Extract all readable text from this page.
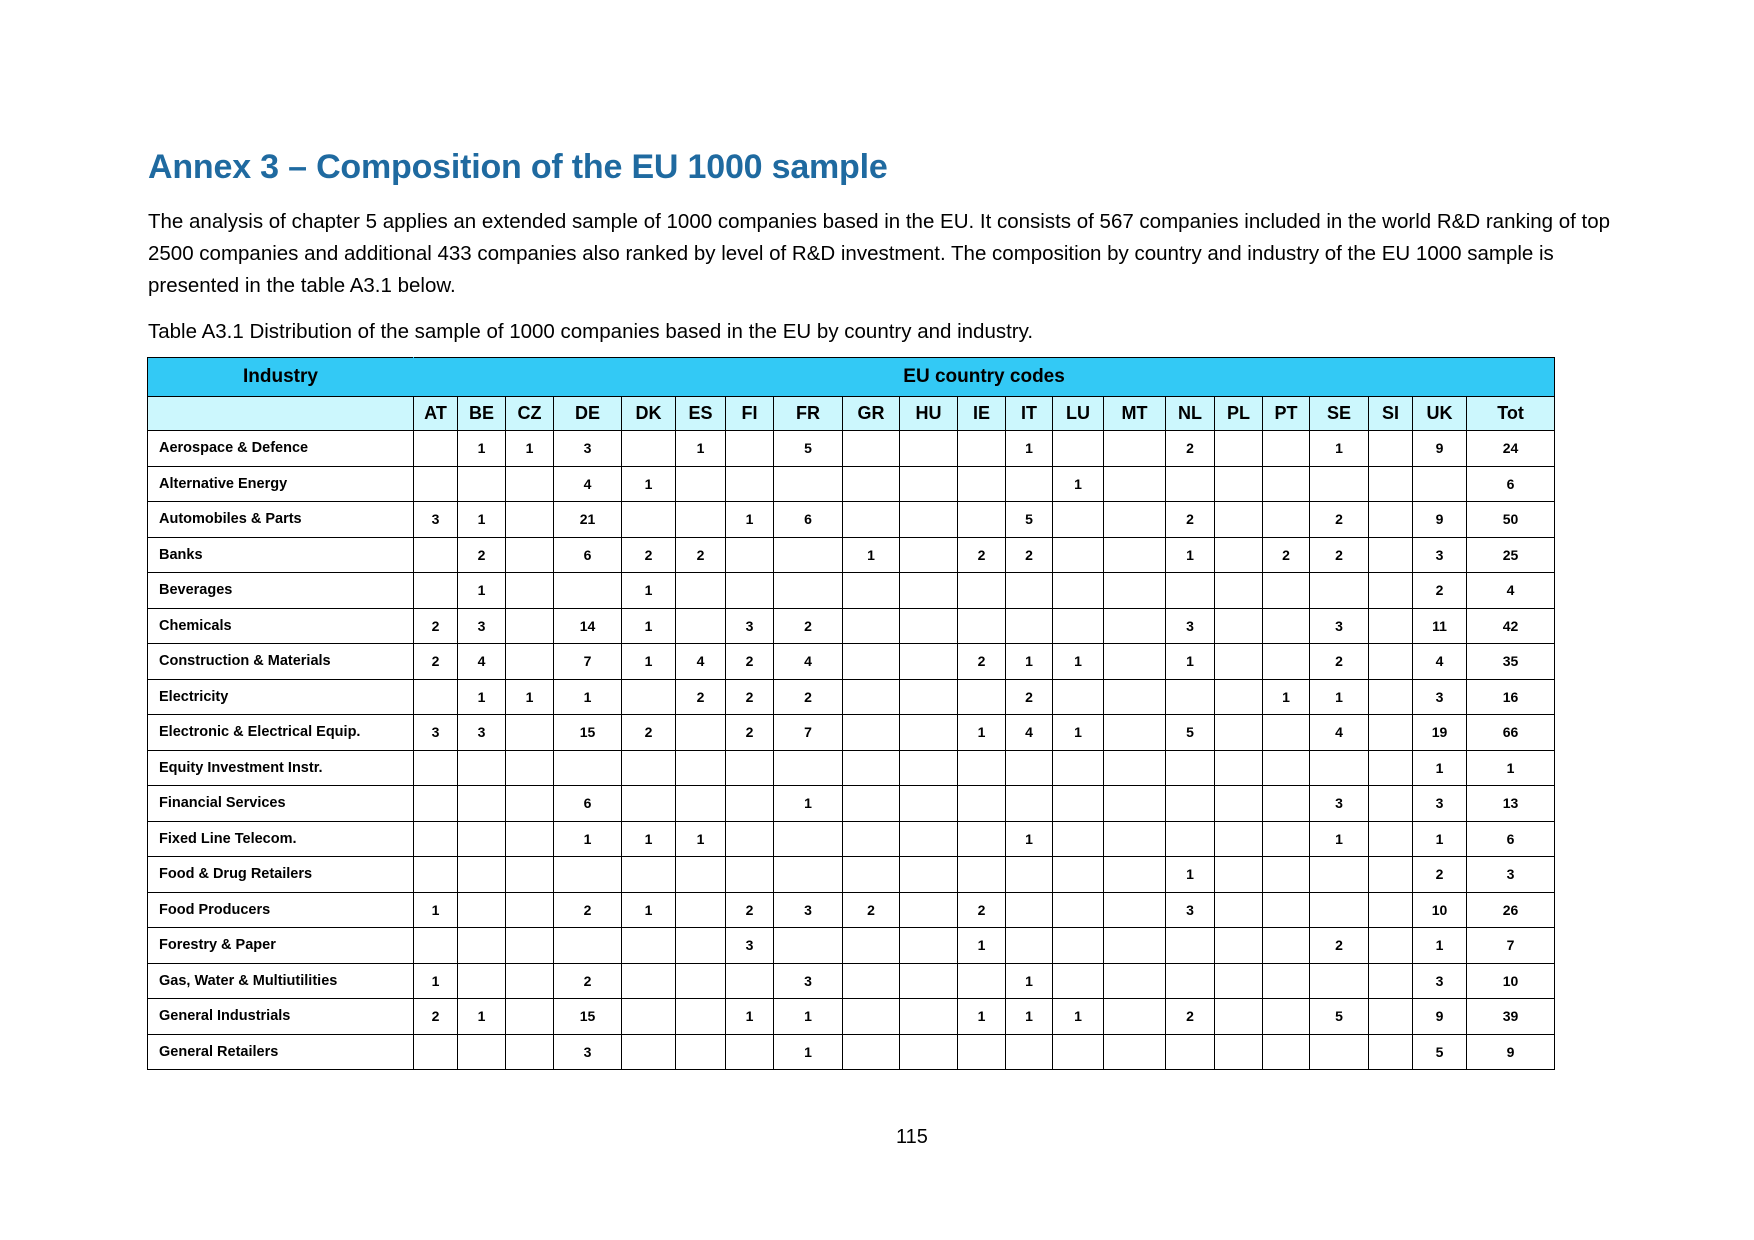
Annex 3 – Composition of the EU 1000 sample

The analysis of chapter 5 applies an extended sample of 1000 companies based in the EU. It consists of 567 companies included in the world R&D ranking of top 2500 companies and additional 433 companies also ranked by level of R&D investment. The composition by country and industry of the EU 1000 sample is presented in the table A3.1 below.

Table A3.1 Distribution of the sample of 1000 companies based in the EU by country and industry.

Industry	EU country codes																				
	AT	BE	CZ	DE	DK	ES	FI	FR	GR	HU	IE	IT	LU	MT	NL	PL	PT	SE	SI	UK	Tot
Aerospace & Defence		1	1	3		1		5				1			2			1		9	24
Alternative Energy				4	1								1								6
Automobiles & Parts	3	1		21			1	6				5			2			2		9	50
Banks		2		6	2	2			1		2	2			1		2	2		3	25
Beverages		1			1															2	4
Chemicals	2	3		14	1		3	2							3			3		11	42
Construction & Materials	2	4		7	1	4	2	4			2	1	1		1			2		4	35
Electricity		1	1	1		2	2	2				2					1	1		3	16
Electronic & Electrical Equip.	3	3		15	2		2	7			1	4	1		5			4		19	66
Equity Investment Instr.																				1	1
Financial Services				6				1										3		3	13
Fixed Line Telecom.				1	1	1						1						1		1	6
Food & Drug Retailers															1					2	3
Food Producers	1			2	1		2	3	2		2				3					10	26
Forestry & Paper							3				1							2		1	7
Gas, Water & Multiutilities	1			2				3				1								3	10
General Industrials	2	1		15			1	1			1	1	1		2			5		9	39
General Retailers				3				1												5	9
115
